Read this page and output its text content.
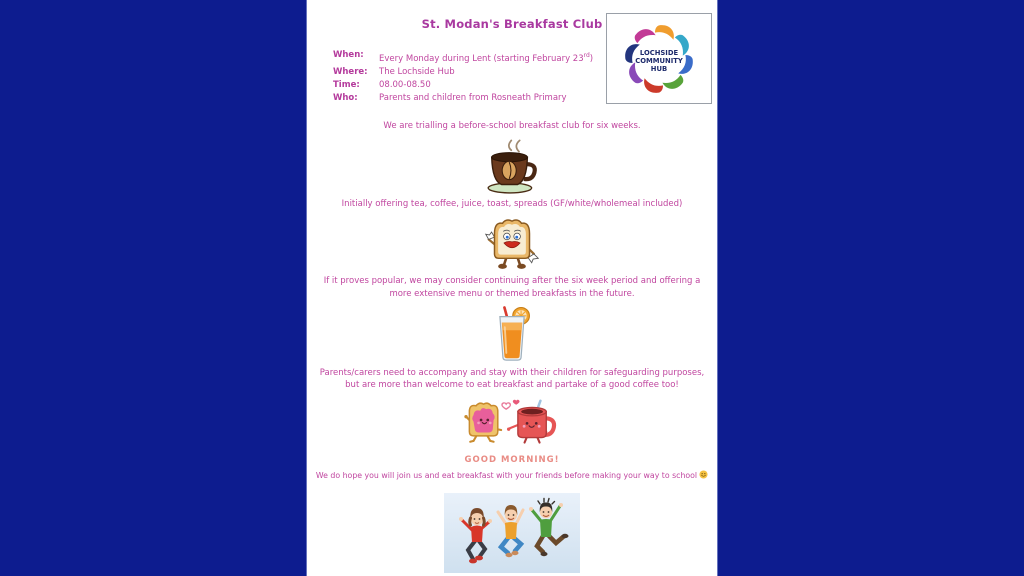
St. Modan's Breakfast Club
LOCHSIDE
COMMUNITY
HUB
When:	Every Monday during Lent (starting February 23rd)
Where:	The Lochside Hub
Time:	08.00-08.50
Who:	Parents and children from Rosneath Primary
We are trialling a before-school breakfast club for six weeks.
Initially offering tea, coffee, juice, toast, spreads (GF/white/wholemeal included)
If it proves popular, we may consider continuing after the six week period and offering a more extensive menu or themed breakfasts in the future.
Parents/carers need to accompany and stay with their children for safeguarding purposes, but are more than welcome to eat breakfast and partake of a good coffee too!
GOOD MORNING!
We do hope you will join us and eat breakfast with your friends before making your way to school
